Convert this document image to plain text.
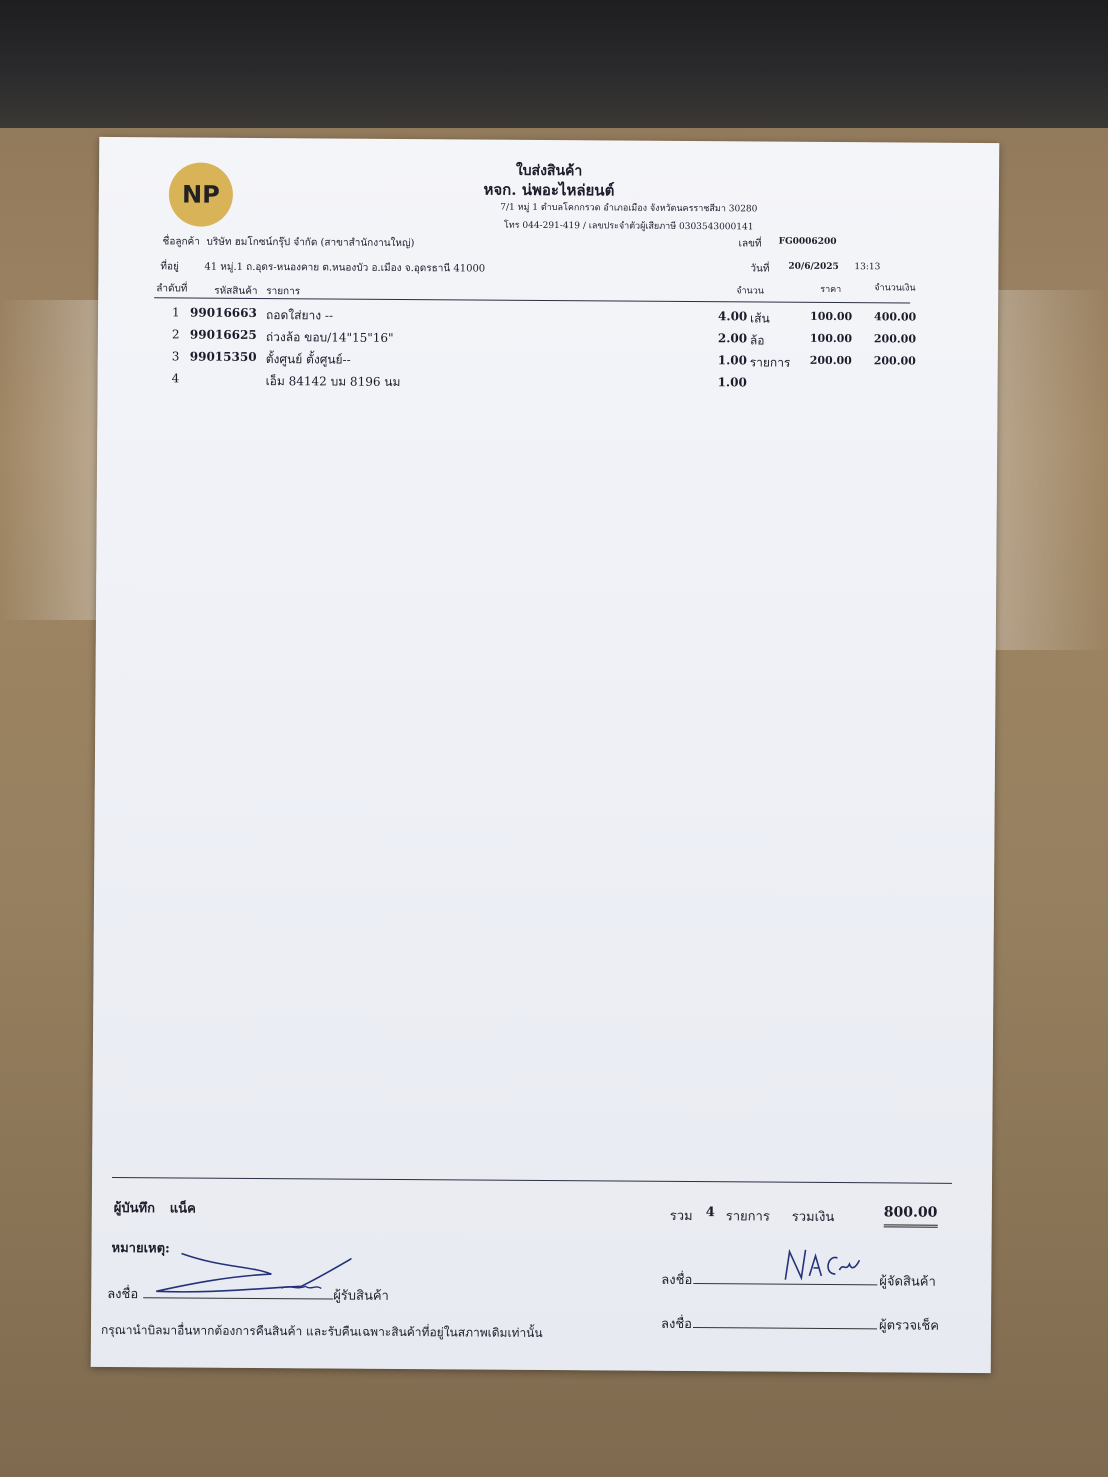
NP
ใบส่งสินค้า
หจก. น่พอะไหล่ยนต์
7/1 หมู่ 1 ตำบลโคกกรวด อำเภอเมือง จังหวัดนครราชสีมา 30280
โทร 044-291-419 / เลขประจำตัวผู้เสียภาษี 0303543000141
ชื่อลูกค้า บริษัท ฮมโกซน์กรุ๊ป จำกัด (สาขาสำนักงานใหญ่)	เลขที่ FG0006200
ที่อยู่	41 หมู่.1 ถ.อุดร-หนองคาย ต.หนองบัว อ.เมือง จ.อุดรธานี 41000	วันที่ 20/6/2025 13:13
ลำดับที่	รหัสสินค้า รายการ	จำนวน	ราคา	จำนวนเงิน
1 99016663 ถอดใส่ยาง --	4.00 เส้น	100.00 400.00
2 99016625 ถ่วงล้อ ขอบ/14"15"16"	2.00 ล้อ	100.00 200.00
3 99015350 ตั้งศูนย์ ตั้งศูนย์--	1.00 รายการ 200.00 200.00
4	เอ็ม 84142 บม 8196 นม	1.00
ผู้บันทึก แน็ค	รวม 4 รายการ รวมเงิน	800.00
หมายเหตุ:
ลงชื่อ	ผู้รับสินค้า
ลงชื่อ	ผู้จัดสินค้า
ลงชื่อ	ผู้ตรวจเช็ค
กรุณานำบิลมาอื่นหากต้องการคืนสินค้า และรับคืนเฉพาะสินค้าที่อยู่ในสภาพเดิมเท่านั้น
